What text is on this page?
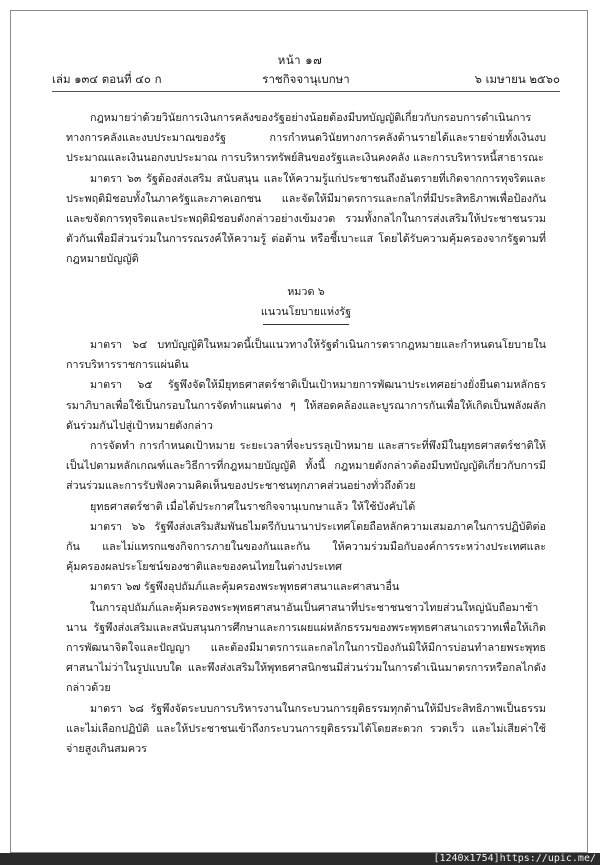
หน้า ๑๗
เล่ม ๑๓๔ ตอนที่ ๔๐ ก	ราชกิจจานุเบกษา	๖ เมษายน ๒๕๖๐

กฎหมายว่าด้วยวินัยการเงินการคลังของรัฐอย่างน้อยต้องมีบทบัญญัติเกี่ยวกับกรอบการดำเนินการทางการคลังและงบประมาณของรัฐ การกำหนดวินัยทางการคลังด้านรายได้และรายจ่ายทั้งเงินงบประมาณและเงินนอกงบประมาณ การบริหารทรัพย์สินของรัฐและเงินคงคลัง และการบริหารหนี้สาธารณะ

มาตรา ๖๓ รัฐต้องส่งเสริม สนับสนุน และให้ความรู้แก่ประชาชนถึงอันตรายที่เกิดจากการทุจริตและประพฤติมิชอบทั้งในภาครัฐและภาคเอกชน และจัดให้มีมาตรการและกลไกที่มีประสิทธิภาพเพื่อป้องกันและขจัดการทุจริตและประพฤติมิชอบดังกล่าวอย่างเข้มงวด รวมทั้งกลไกในการส่งเสริมให้ประชาชนรวมตัวกันเพื่อมีส่วนร่วมในการรณรงค์ให้ความรู้ ต่อต้าน หรือชี้เบาะแส โดยได้รับความคุ้มครองจากรัฐตามที่กฎหมายบัญญัติ

หมวด ๖

แนวนโยบายแห่งรัฐ

มาตรา ๖๔ บทบัญญัติในหมวดนี้เป็นแนวทางให้รัฐดำเนินการตรากฎหมายและกำหนดนโยบายในการบริหารราชการแผ่นดิน

มาตรา ๖๕ รัฐพึงจัดให้มียุทธศาสตร์ชาติเป็นเป้าหมายการพัฒนาประเทศอย่างยั่งยืนตามหลักธรรมาภิบาลเพื่อใช้เป็นกรอบในการจัดทำแผนต่าง ๆ ให้สอดคล้องและบูรณาการกันเพื่อให้เกิดเป็นพลังผลักดันร่วมกันไปสู่เป้าหมายดังกล่าว

การจัดทำ การกำหนดเป้าหมาย ระยะเวลาที่จะบรรลุเป้าหมาย และสาระที่พึงมีในยุทธศาสตร์ชาติให้เป็นไปตามหลักเกณฑ์และวิธีการที่กฎหมายบัญญัติ ทั้งนี้ กฎหมายดังกล่าวต้องมีบทบัญญัติเกี่ยวกับการมีส่วนร่วมและการรับฟังความคิดเห็นของประชาชนทุกภาคส่วนอย่างทั่วถึงด้วย

ยุทธศาสตร์ชาติ เมื่อได้ประกาศในราชกิจจานุเบกษาแล้ว ให้ใช้บังคับได้

มาตรา ๖๖ รัฐพึงส่งเสริมสัมพันธไมตรีกับนานาประเทศโดยถือหลักความเสมอภาคในการปฏิบัติต่อกัน และไม่แทรกแซงกิจการภายในของกันและกัน ให้ความร่วมมือกับองค์การระหว่างประเทศและคุ้มครองผลประโยชน์ของชาติและของคนไทยในต่างประเทศ

มาตรา ๖๗ รัฐพึงอุปถัมภ์และคุ้มครองพระพุทธศาสนาและศาสนาอื่น

ในการอุปถัมภ์และคุ้มครองพระพุทธศาสนาอันเป็นศาสนาที่ประชาชนชาวไทยส่วนใหญ่นับถือมาช้านาน รัฐพึงส่งเสริมและสนับสนุนการศึกษาและการเผยแผ่หลักธรรมของพระพุทธศาสนาเถรวาทเพื่อให้เกิดการพัฒนาจิตใจและปัญญา และต้องมีมาตรการและกลไกในการป้องกันมิให้มีการบ่อนทำลายพระพุทธศาสนาไม่ว่าในรูปแบบใด และพึงส่งเสริมให้พุทธศาสนิกชนมีส่วนร่วมในการดำเนินมาตรการหรือกลไกดังกล่าวด้วย

มาตรา ๖๘ รัฐพึงจัดระบบการบริหารงานในกระบวนการยุติธรรมทุกด้านให้มีประสิทธิภาพเป็นธรรม และไม่เลือกปฏิบัติ และให้ประชาชนเข้าถึงกระบวนการยุติธรรมได้โดยสะดวก รวดเร็ว และไม่เสียค่าใช้จ่ายสูงเกินสมควร

[1240x1754]https://upic.me/
